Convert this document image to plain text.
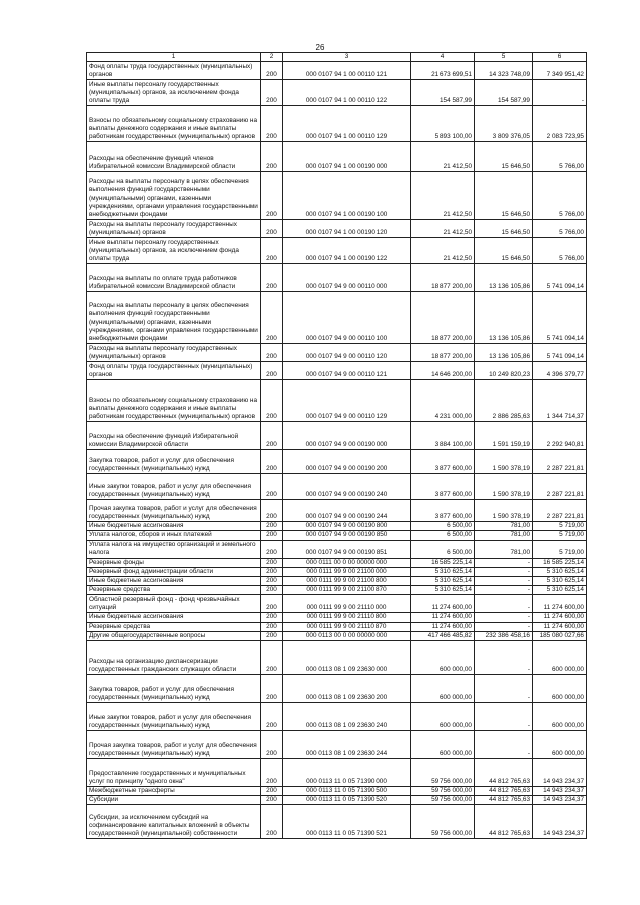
26
1	2	3	4	5	6
Фонд оплаты труда государственных (муниципальных) органов	200	000 0107 94 1 00 00110 121	21 673 699,51	14 323 748,09	7 349 951,42
Иные выплаты персоналу государственных (муниципальных) органов, за исключением фонда оплаты труда	200	000 0107 94 1 00 00110 122	154 587,99	154 587,99	-
Взносы по обязательному социальному страхованию на выплаты денежного содержания и иные выплаты работникам государственных (муниципальных) органов	200	000 0107 94 1 00 00110 129	5 893 100,00	3 809 376,05	2 083 723,95
Расходы на обеспечение функций членов Избирательной комиссии Владимирской области	200	000 0107 94 1 00 00190 000	21 412,50	15 646,50	5 766,00
Расходы на выплаты персоналу в целях обеспечения выполнения функций государственными (муниципальными) органами, казенными учреждениями, органами управления государственными внебюджетными фондами	200	000 0107 94 1 00 00190 100	21 412,50	15 646,50	5 766,00
Расходы на выплаты персоналу государственных (муниципальных) органов	200	000 0107 94 1 00 00190 120	21 412,50	15 646,50	5 766,00
Иные выплаты персоналу государственных (муниципальных) органов, за исключением фонда оплаты труда	200	000 0107 94 1 00 00190 122	21 412,50	15 646,50	5 766,00
Расходы на выплаты по оплате труда работников Избирательной комиссии Владимирской области	200	000 0107 94 9 00 00110 000	18 877 200,00	13 136 105,86	5 741 094,14
Расходы на выплаты персоналу в целях обеспечения выполнения функций государственными (муниципальными) органами, казенными учреждениями, органами управления государственными внебюджетными фондами	200	000 0107 94 9 00 00110 100	18 877 200,00	13 136 105,86	5 741 094,14
Расходы на выплаты персоналу государственных (муниципальных) органов	200	000 0107 94 9 00 00110 120	18 877 200,00	13 136 105,86	5 741 094,14
Фонд оплаты труда государственных (муниципальных) органов	200	000 0107 94 9 00 00110 121	14 646 200,00	10 249 820,23	4 396 379,77
Взносы по обязательному социальному страхованию на выплаты денежного содержания и иные выплаты работникам государственных (муниципальных) органов	200	000 0107 94 9 00 00110 129	4 231 000,00	2 886 285,63	1 344 714,37
Расходы на обеспечение функций Избирательной комиссии Владимирской области	200	000 0107 94 9 00 00190 000	3 884 100,00	1 591 159,19	2 292 940,81
Закупка товаров, работ и услуг для обеспечения государственных (муниципальных) нужд	200	000 0107 94 9 00 00190 200	3 877 600,00	1 590 378,19	2 287 221,81
Иные закупки товаров, работ и услуг для обеспечения государственных (муниципальных) нужд	200	000 0107 94 9 00 00190 240	3 877 600,00	1 590 378,19	2 287 221,81
Прочая закупка товаров, работ и услуг для обеспечения государственных (муниципальных) нужд	200	000 0107 94 9 00 00190 244	3 877 600,00	1 590 378,19	2 287 221,81
Иные бюджетные ассигнования	200	000 0107 94 9 00 00190 800	6 500,00	781,00	5 719,00
Уплата налогов, сборов и иных платежей	200	000 0107 94 9 00 00190 850	6 500,00	781,00	5 719,00
Уплата налога на имущество организаций и земельного налога	200	000 0107 94 9 00 00190 851	6 500,00	781,00	5 719,00
Резервные фонды	200	000 0111 00 0 00 00000 000	16 585 225,14	-	16 585 225,14
Резервный фонд администрации области	200	000 0111 99 9 00 21100 000	5 310 625,14	-	5 310 625,14
Иные бюджетные ассигнования	200	000 0111 99 9 00 21100 800	5 310 625,14	-	5 310 625,14
Резервные средства	200	000 0111 99 9 00 21100 870	5 310 625,14	-	5 310 625,14
Областной резервный фонд - фонд чрезвычайных ситуаций	200	000 0111 99 9 00 21110 000	11 274 600,00	-	11 274 600,00
Иные бюджетные ассигнования	200	000 0111 99 9 00 21110 800	11 274 600,00	-	11 274 600,00
Резервные средства	200	000 0111 99 9 00 21110 870	11 274 600,00	-	11 274 600,00
Другие общегосударственные вопросы	200	000 0113 00 0 00 00000 000	417 466 485,82	232 386 458,16	185 080 027,66
Расходы на организацию диспансеризации государственных гражданских служащих области	200	000 0113 08 1 09 23630 000	600 000,00	-	600 000,00
Закупка товаров, работ и услуг для обеспечения государственных (муниципальных) нужд	200	000 0113 08 1 09 23630 200	600 000,00	-	600 000,00
Иные закупки товаров, работ и услуг для обеспечения государственных (муниципальных) нужд	200	000 0113 08 1 09 23630 240	600 000,00	-	600 000,00
Прочая закупка товаров, работ и услуг для обеспечения государственных (муниципальных) нужд	200	000 0113 08 1 09 23630 244	600 000,00	-	600 000,00
Предоставление государственных и муниципальных услуг по принципу "одного окна"	200	000 0113 11 0 05 71390 000	59 756 000,00	44 812 765,63	14 943 234,37
Межбюджетные трансферты	200	000 0113 11 0 05 71390 500	59 756 000,00	44 812 765,63	14 943 234,37
Субсидии	200	000 0113 11 0 05 71390 520	59 756 000,00	44 812 765,63	14 943 234,37
Субсидии, за исключением субсидий на софинансирование капитальных вложений в объекты государственной (муниципальной) собственности	200	000 0113 11 0 05 71390 521	59 756 000,00	44 812 765,63	14 943 234,37
